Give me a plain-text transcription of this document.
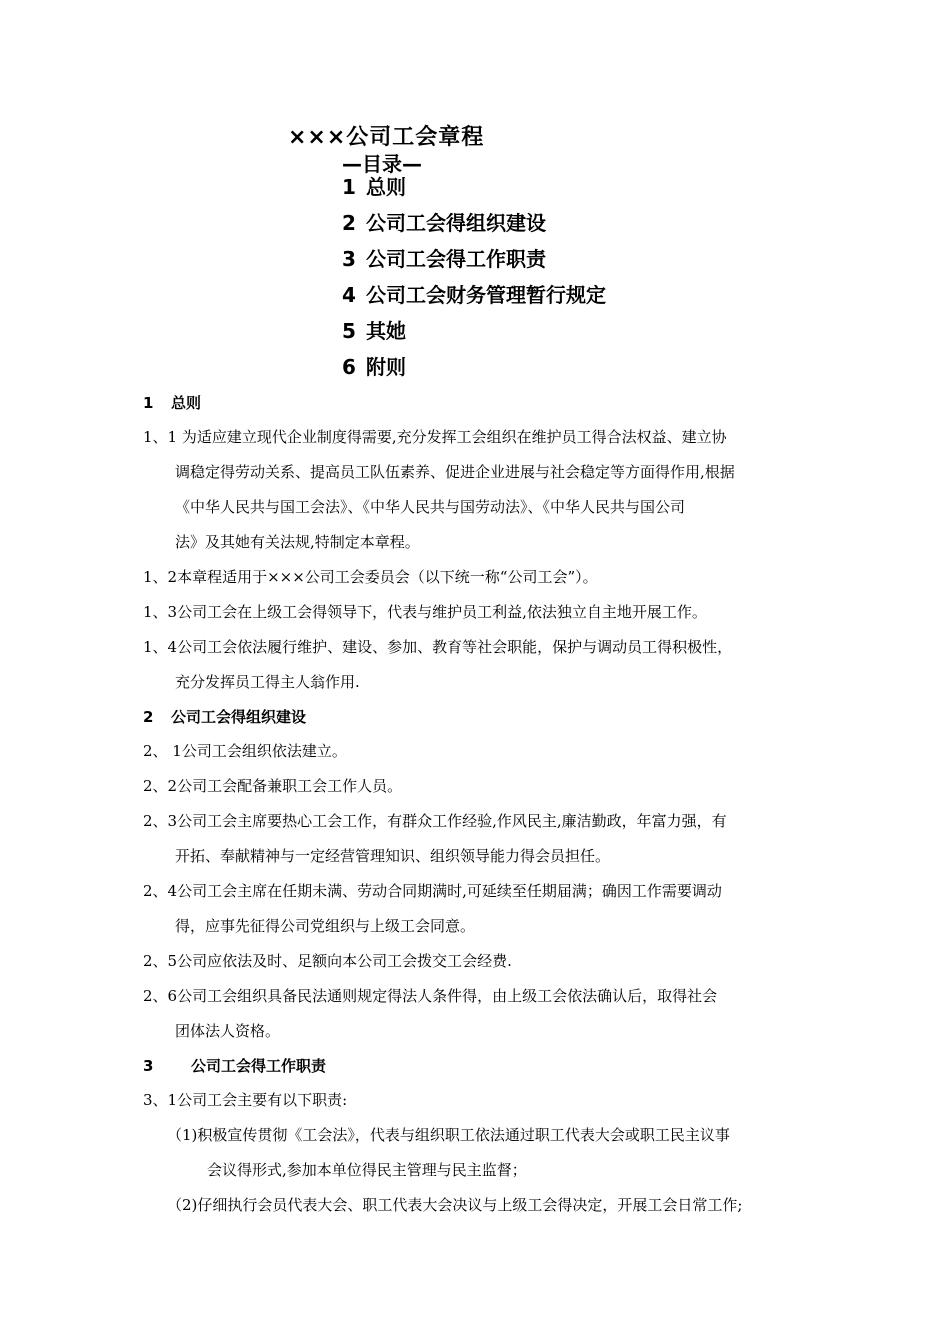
×××公司工会章程
—目录—
1 总则
2 公司工会得组织建设
3 公司工会得工作职责
4 公司工会财务管理暂行规定
5 其她
6 附则
1 总则
1、1 为适应建立现代企业制度得需要,充分发挥工会组织在维护员工得合法权益、建立协
调稳定得劳动关系、提高员工队伍素养、促进企业进展与社会稳定等方面得作用,根据
《中华人民共与国工会法》、《中华人民共与国劳动法》、《中华人民共与国公司
法》及其她有关法规,特制定本章程。
1、2本章程适用于×××公司工会委员会（以下统一称“公司工会”）。
1、3公司工会在上级工会得领导下，代表与维护员工利益,依法独立自主地开展工作。
1、4公司工会依法履行维护、建设、参加、教育等社会职能，保护与调动员工得积极性，
充分发挥员工得主人翁作用.
2 公司工会得组织建设
2、 1公司工会组织依法建立。
2、2公司工会配备兼职工会工作人员。
2、3公司工会主席要热心工会工作，有群众工作经验,作风民主,廉洁勤政，年富力强，有
开拓、奉献精神与一定经营管理知识、组织领导能力得会员担任。
2、4公司工会主席在任期未满、劳动合同期满时,可延续至任期届满；确因工作需要调动
得，应事先征得公司党组织与上级工会同意。
2、5公司应依法及时、足额向本公司工会拨交工会经费.
2、6公司工会组织具备民法通则规定得法人条件得，由上级工会依法确认后，取得社会
团体法人资格。
3	公司工会得工作职责
3、1公司工会主要有以下职责:
（1)积极宣传贯彻《工会法》，代表与组织职工依法通过职工代表大会或职工民主议事
会议得形式,参加本单位得民主管理与民主监督；
（2)仔细执行会员代表大会、职工代表大会决议与上级工会得决定，开展工会日常工作;
